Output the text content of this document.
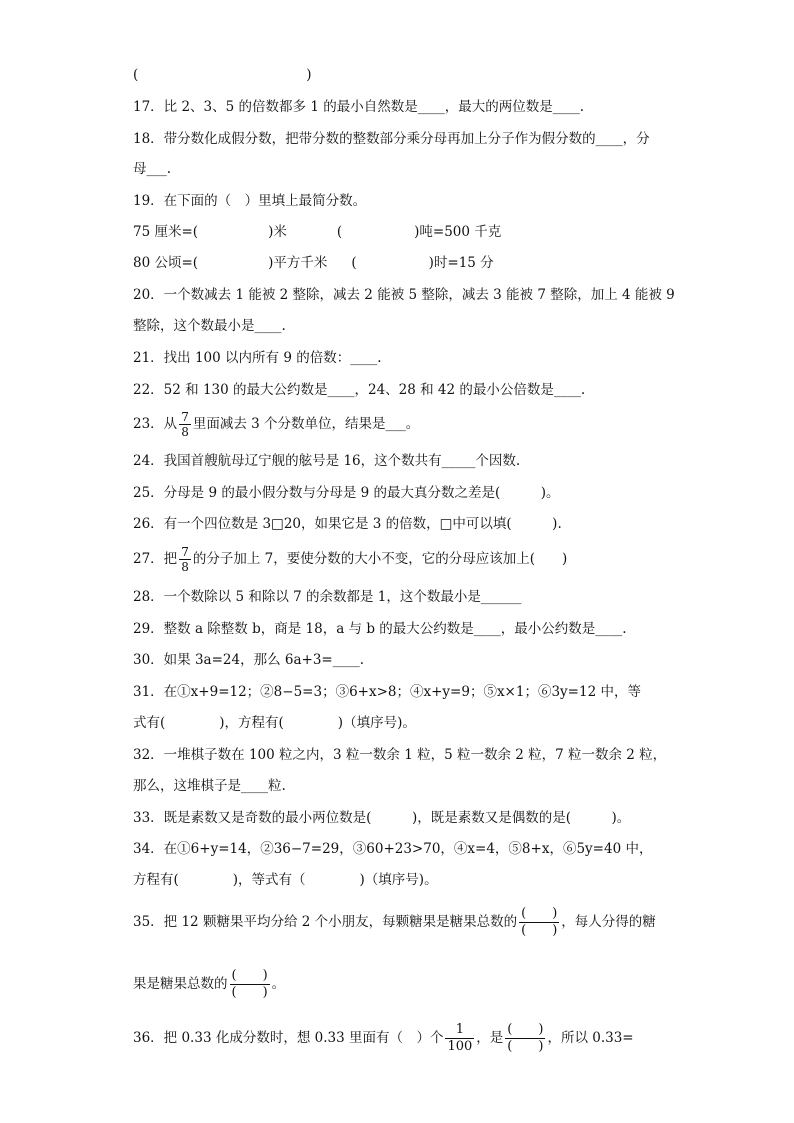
(	)
17．比 2、3、5 的倍数都多 1 的最小自然数是____，最大的两位数是____.
18．带分数化成假分数，把带分数的整数部分乘分母再加上分子作为假分数的____，分
母___.
19．在下面的（　）里填上最简分数。
75 厘米=(	)米	(	)吨=500 千克
80 公顷=(	)平方千米 (	)时=15 分
20．一个数减去 1 能被 2 整除，减去 2 能被 5 整除，减去 3 能被 7 整除，加上 4 能被 9
整除，这个数最小是____.
21．找出 100 以内所有 9 的倍数：____.
22．52 和 130 的最大公约数是____，24、28 和 42 的最小公倍数是____.
23．从 $\frac{7}{8}$ 里面减去 3 个分数单位，结果是___。
24．我国首艘航母辽宁舰的舷号是 16，这个数共有_____个因数.
25．分母是 9 的最小假分数与分母是 9 的最大真分数之差是(　　　)。
26．有一个四位数是 3□20，如果它是 3 的倍数，□中可以填(　　　).
27．把 $\frac{7}{8}$ 的分子加上 7，要使分数的大小不变，它的分母应该加上(　　)
28．一个数除以 5 和除以 7 的余数都是 1，这个数最小是______
29．整数 a 除整数 b，商是 18，a 与 b 的最大公约数是____，最小公约数是____.
30．如果 3a=24，那么 6a+3=____.
31．在①x+9=12；②8−5=3；③6+x>8；④x+y=9；⑤x×1；⑥3y=12 中，等
式有(　　　　)，方程有(　　　　)（填序号)。
32．一堆棋子数在 100 粒之内，3 粒一数余 1 粒，5 粒一数余 2 粒，7 粒一数余 2 粒，
那么，这堆棋子是____粒.
33．既是素数又是奇数的最小两位数是(　　　)，既是素数又是偶数的是(　　　)。
34．在①6+y=14，②36−7=29，③60+23>70，④x=4，⑤8+x，⑥5y=40 中，
方程有(　　　　)，等式有（　　　　)（填序号)。
35．把 12 颗糖果平均分给 2 个小朋友，每颗糖果是糖果总数的 $\frac{( )}{( )}$ ，每人分得的糖
果是糖果总数的 $\frac{( )}{( )}$ 。
36．把 0.33 化成分数时，想 0.33 里面有（　）个 $\frac{1}{100}$ ，是 $\frac{( )}{( )}$ ，所以 0.33=
